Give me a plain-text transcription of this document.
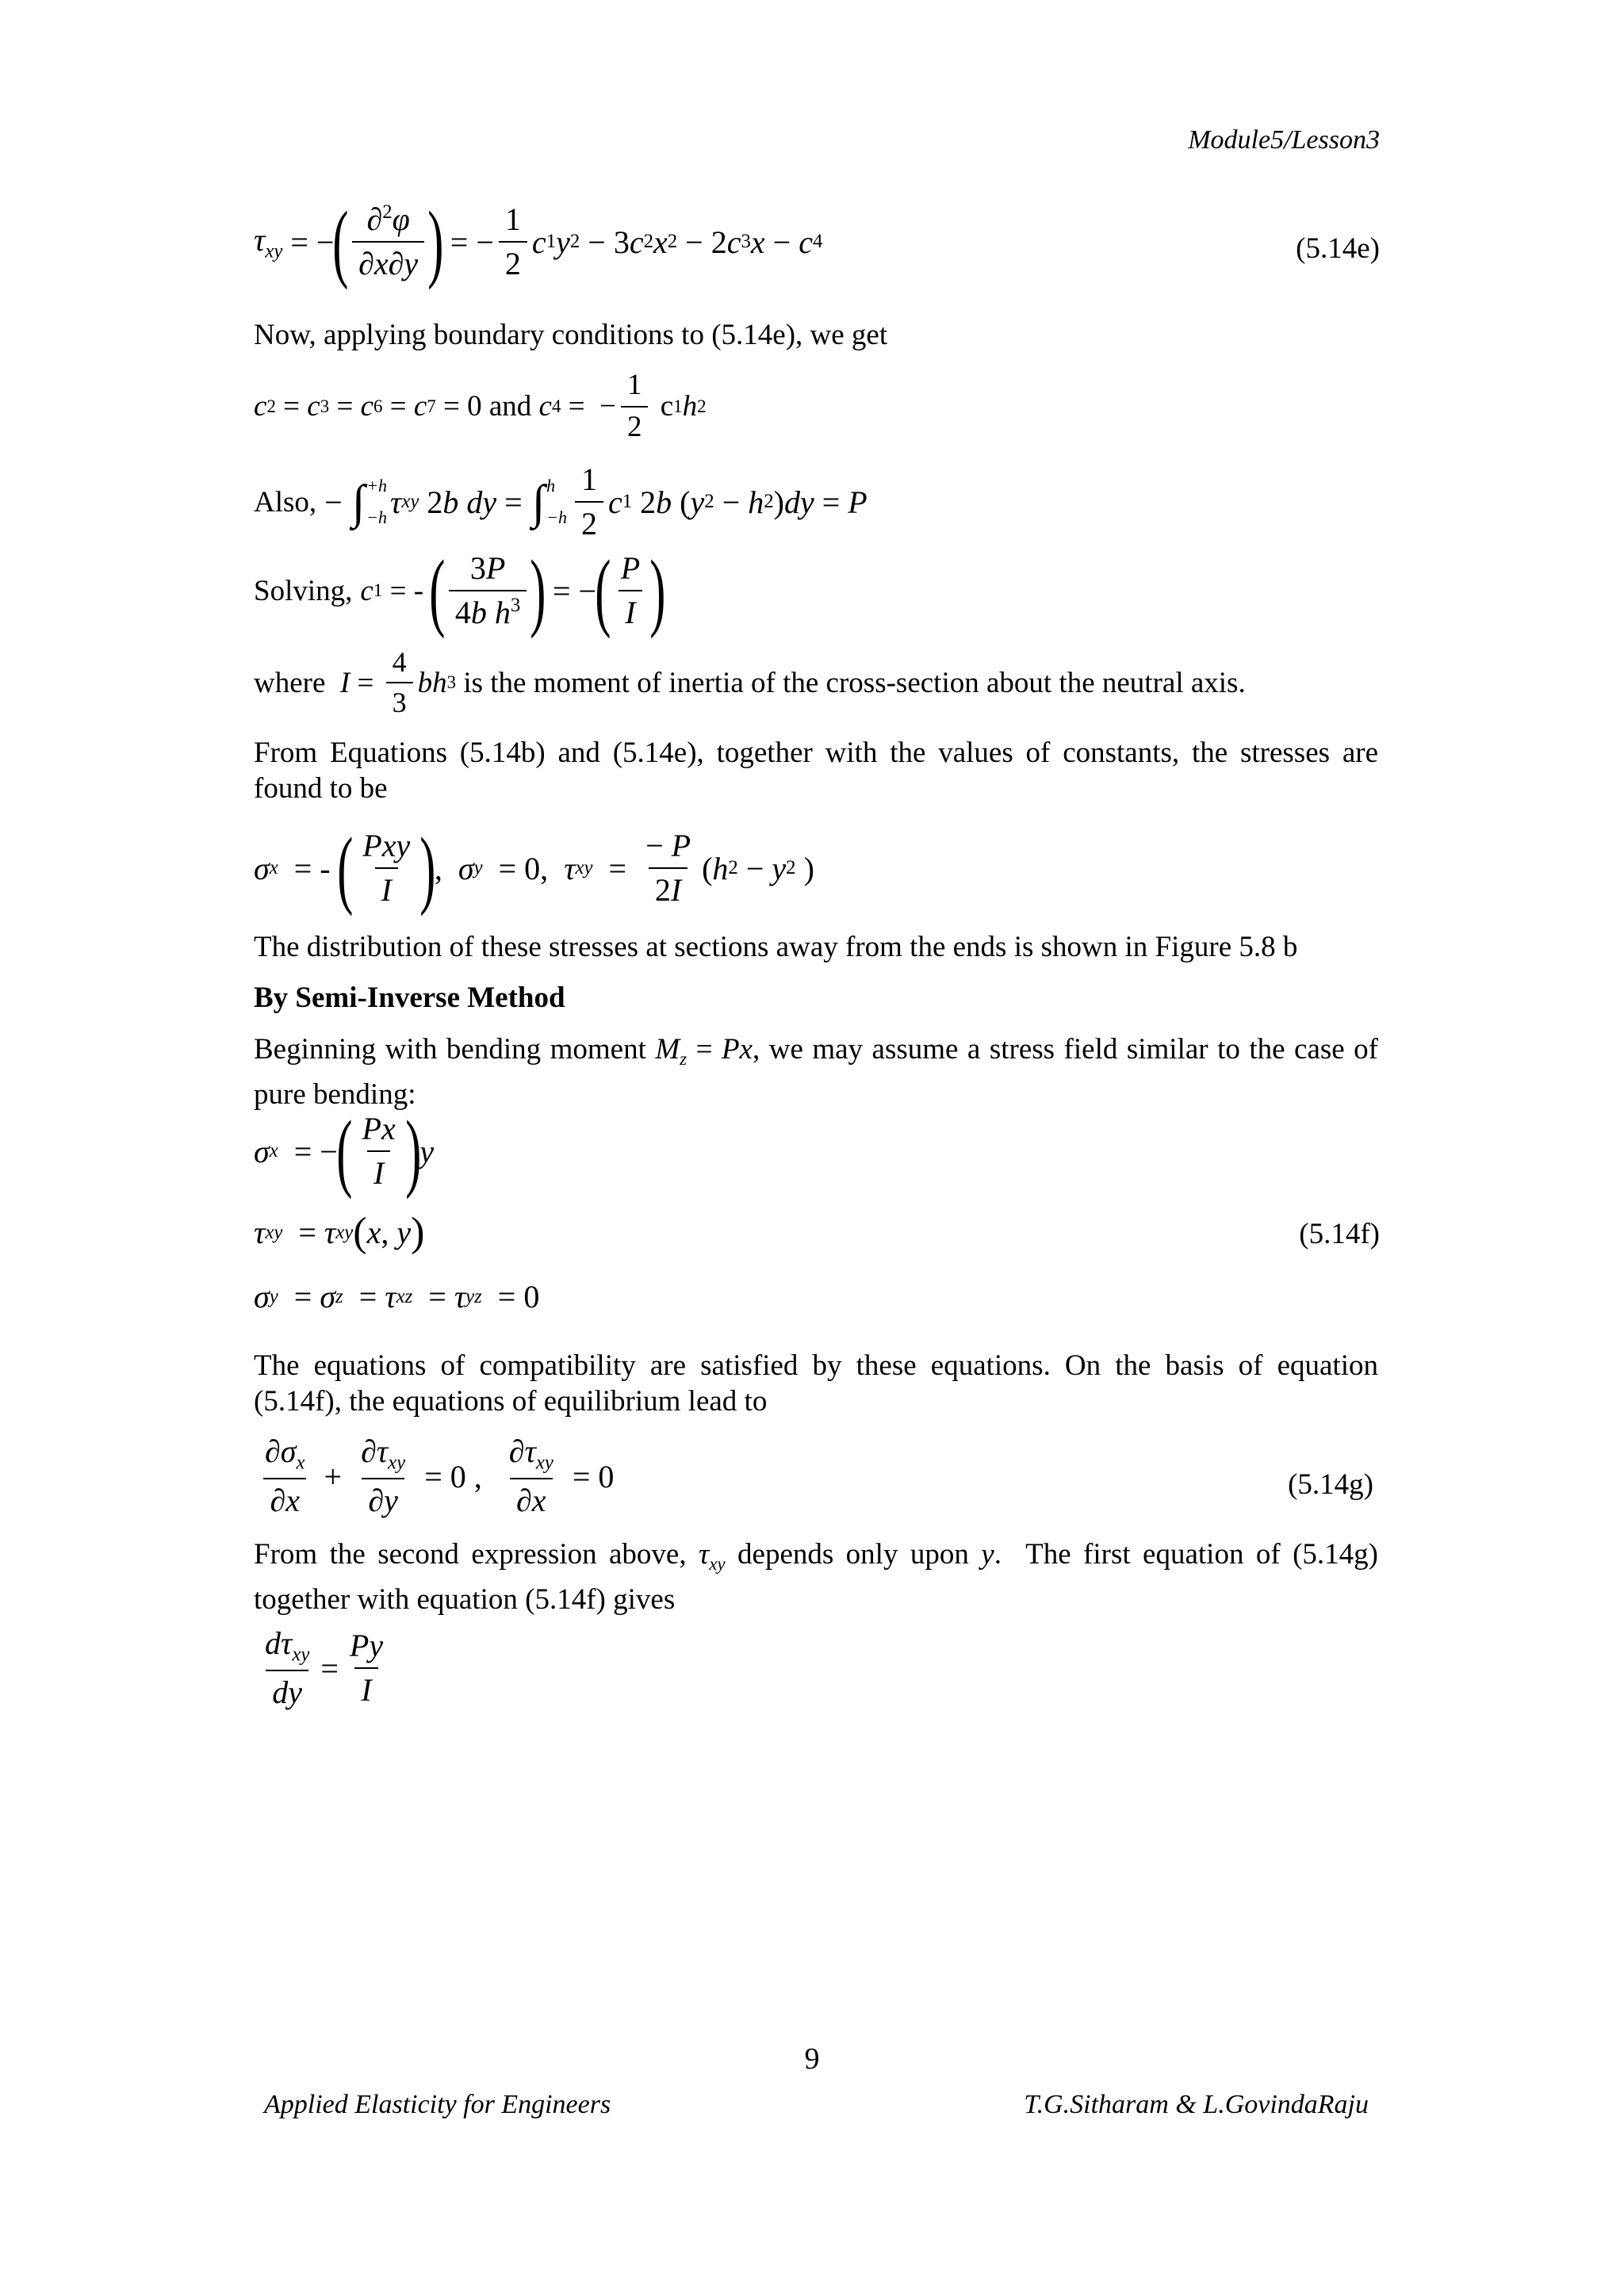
Module5/Lesson3
$\tau_{xy}$ = −
( $\frac{\partial^2\varphi}{\partial x\partial y}$ )
= − $\frac{1}{2}$ c 1 y 2 − 3 c 2 x 2 − 2 c 3 x − c 4	(5.14e)
Now, applying boundary conditions to (5.14e), we get
c 2 = c 3 = c 6 = c 7 = 0 and c 4 =  − $\frac{1}{2}$ c 1 h 2
Also, − ∫ +h
−h τ xy 2 b
dy = ∫ h
$-h \frac{1}{2}$ c 1 2 b ( y 2 − h 2 ) dy = P
Solving,
c 1 = -
( $\frac{3P}{4b h^3}$ )
= −
( $\frac{P}{I}$ )
where
$I = \frac{4}{3}$ bh 3
is the moment of inertia of the cross-section about the neutral axis.
From Equations (5.14b) and (5.14e), together with the values of constants, the stresses are found to be
σ x = -
( $\frac{\text{Pxy}}{I}$ )
, σ y = 0, τ xy = $\frac{- P}{2I}$ ( h 2 − y 2 )
The distribution of these stresses at sections away from the ends is shown in Figure 5.8 b
By Semi-Inverse Method
Beginning with bending moment $M_z = Px$, we may assume a stress field similar to the case of pure bending:
σ x = −
( $\frac{Px}{I}$ )
y
τ xy = τ xy ( x , y )	(5.14f)
σ y = σ z = τ xz = τ yz = 0
The equations of compatibility are satisfied by these equations. On the basis of equation (5.14f), the equations of equilibrium lead to
$\frac{\partial\sigma_x}{\partial x} + \frac{\partial\tau_{xy}}{\partial y} = 0$ , $\frac{\partial\tau_{xy}}{\partial x} = 0$	(5.14g)
From the second expression above, $\tau_{xy}$ depends only upon y.  The first equation of (5.14g) together with equation (5.14f) gives
$\frac{d\tau_{xy}}{dy} = \frac{Py}{I}$
9
Applied Elasticity for Engineers	T.G.Sitharam & L.GovindaRaju
